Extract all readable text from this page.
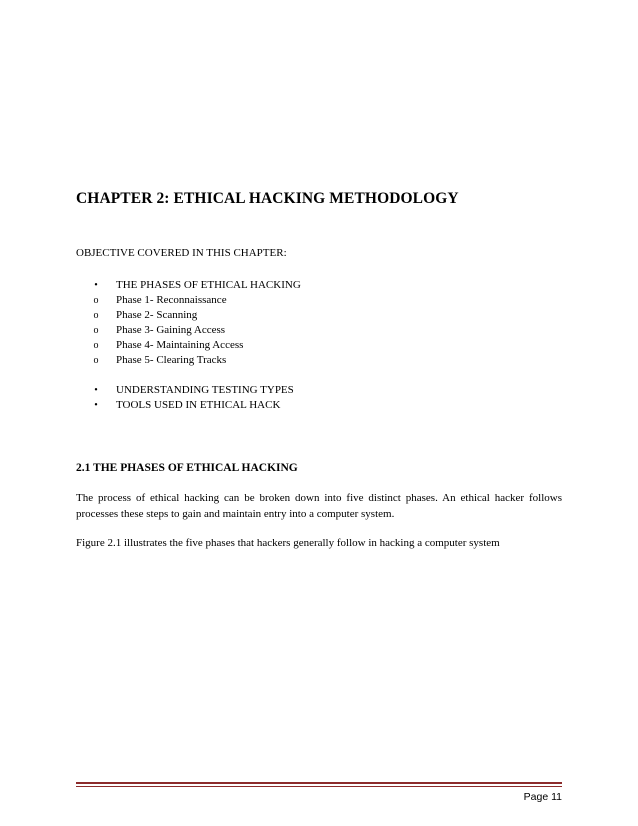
CHAPTER 2: ETHICAL HACKING METHODOLOGY
OBJECTIVE COVERED IN THIS CHAPTER:
•	THE PHASES OF ETHICAL HACKING
o	Phase 1- Reconnaissance
o	Phase 2- Scanning
o	Phase 3- Gaining Access
o	Phase 4- Maintaining Access
o	Phase 5- Clearing Tracks
•	UNDERSTANDING TESTING TYPES
•	TOOLS USED IN ETHICAL HACK
2.1 THE PHASES OF ETHICAL HACKING

The process of ethical hacking can be broken down into five distinct phases. An ethical hacker follows processes these steps to gain and maintain entry into a computer system.

Figure 2.1 illustrates the five phases that hackers generally follow in hacking a computer system

Page 11
